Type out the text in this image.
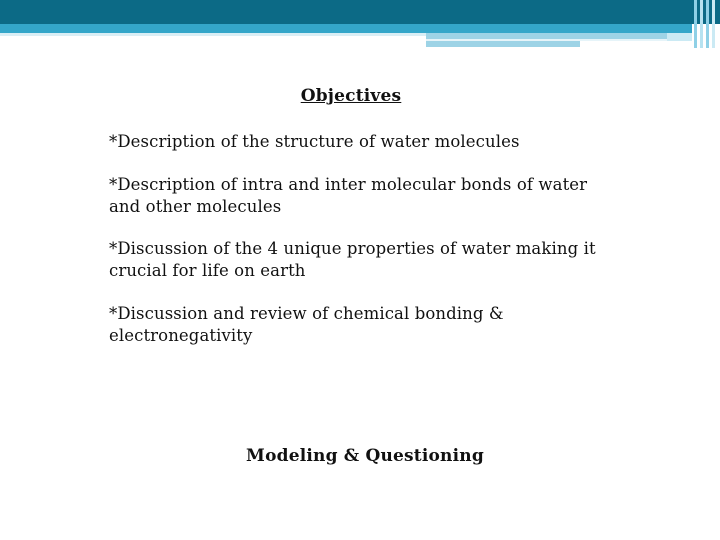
Objectives
*Description of the structure of water molecules
*Description of intra and inter molecular bonds of water and other molecules
*Discussion of the 4 unique properties of water making it crucial for life on earth
*Discussion and review of chemical bonding & electronegativity
Modeling & Questioning
